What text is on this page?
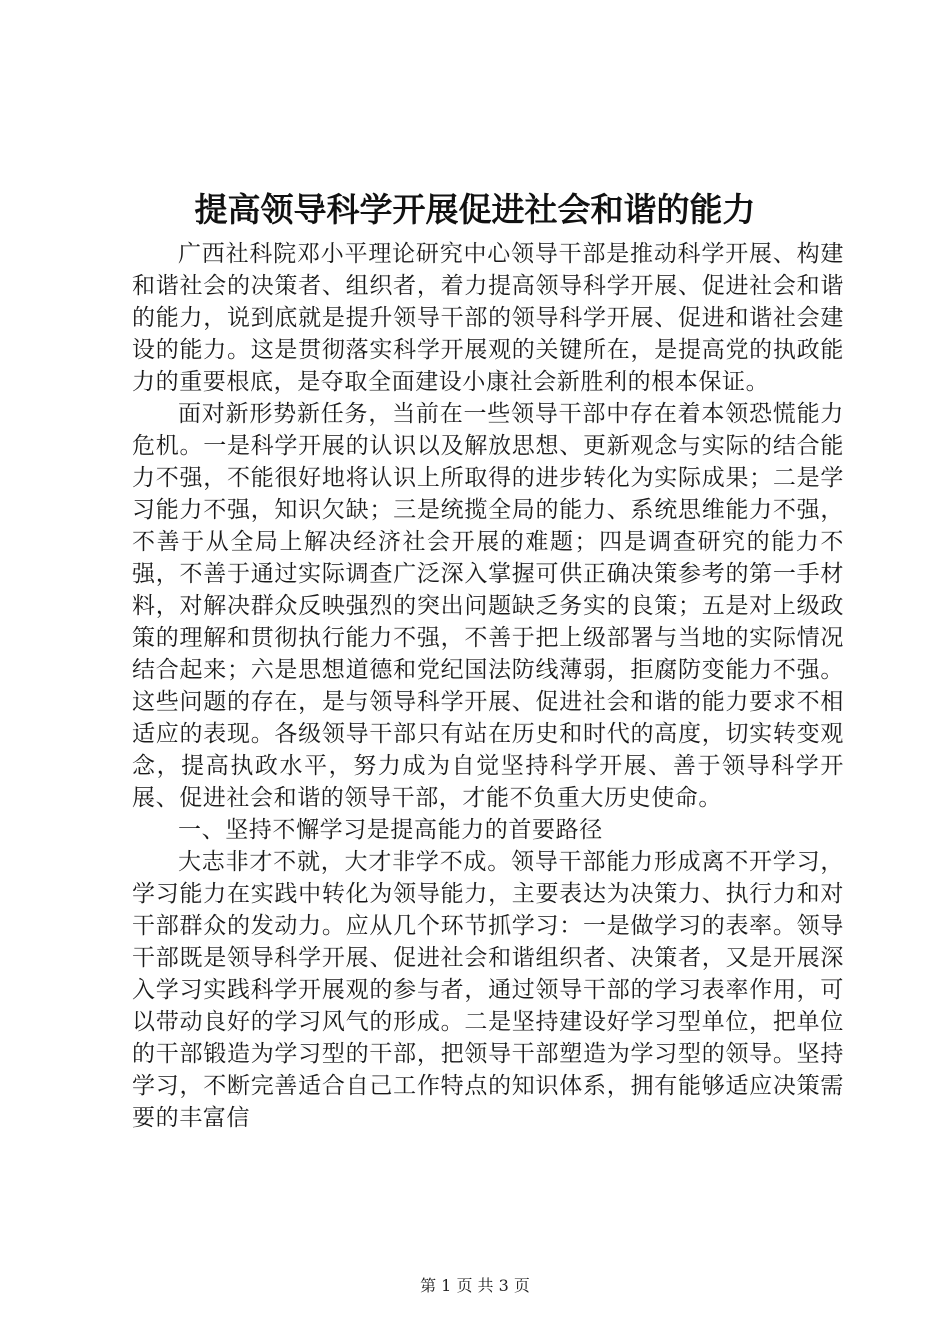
提高领导科学开展促进社会和谐的能力

广西社科院邓小平理论研究中心领导干部是推动科学开展、构建和谐社会的决策者、组织者，着力提高领导科学开展、促进社会和谐的能力，说到底就是提升领导干部的领导科学开展、促进和谐社会建设的能力。这是贯彻落实科学开展观的关键所在，是提高党的执政能力的重要根底，是夺取全面建设小康社会新胜利的根本保证。

面对新形势新任务，当前在一些领导干部中存在着本领恐慌能力危机。一是科学开展的认识以及解放思想、更新观念与实际的结合能力不强，不能很好地将认识上所取得的进步转化为实际成果；二是学习能力不强，知识欠缺；三是统揽全局的能力、系统思维能力不强，不善于从全局上解决经济社会开展的难题；四是调查研究的能力不强，不善于通过实际调查广泛深入掌握可供正确决策参考的第一手材料，对解决群众反映强烈的突出问题缺乏务实的良策；五是对上级政策的理解和贯彻执行能力不强，不善于把上级部署与当地的实际情况结合起来；六是思想道德和党纪国法防线薄弱，拒腐防变能力不强。这些问题的存在，是与领导科学开展、促进社会和谐的能力要求不相适应的表现。各级领导干部只有站在历史和时代的高度，切实转变观念，提高执政水平，努力成为自觉坚持科学开展、善于领导科学开展、促进社会和谐的领导干部，才能不负重大历史使命。

一、坚持不懈学习是提高能力的首要路径

大志非才不就，大才非学不成。领导干部能力形成离不开学习，学习能力在实践中转化为领导能力，主要表达为决策力、执行力和对干部群众的发动力。应从几个环节抓学习：一是做学习的表率。领导干部既是领导科学开展、促进社会和谐组织者、决策者，又是开展深入学习实践科学开展观的参与者，通过领导干部的学习表率作用，可以带动良好的学习风气的形成。二是坚持建设好学习型单位，把单位的干部锻造为学习型的干部，把领导干部塑造为学习型的领导。坚持学习，不断完善适合自己工作特点的知识体系，拥有能够适应决策需要的丰富信

第 1 页 共 3 页
